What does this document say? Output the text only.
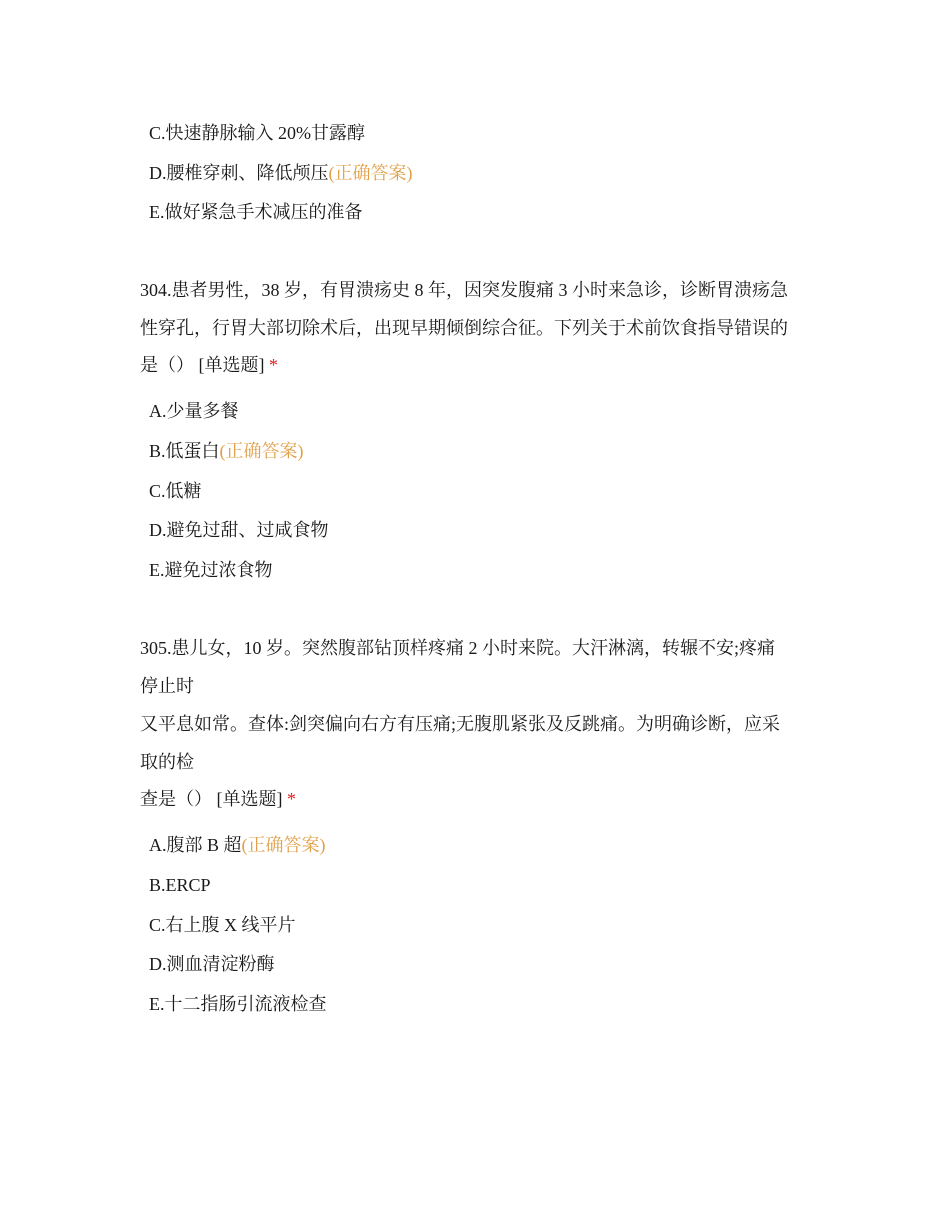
C.快速静脉输入 20%甘露醇
D.腰椎穿刺、降低颅压(正确答案)
E.做好紧急手术减压的准备
304.患者男性，38 岁，有胃溃疡史 8 年，因突发腹痛 3 小时来急诊，诊断胃溃疡急
性穿孔，行胃大部切除术后，出现早期倾倒综合征。下列关于术前饮食指导错误的
是（） [单选题] *
A.少量多餐
B.低蛋白(正确答案)
C.低糖
D.避免过甜、过咸食物
E.避免过浓食物
305.患儿女，10 岁。突然腹部钻顶样疼痛 2 小时来院。大汗淋漓，转辗不安;疼痛
停止时
又平息如常。查体:剑突偏向右方有压痛;无腹肌紧张及反跳痛。为明确诊断，应采
取的检
查是（） [单选题] *
A.腹部 B 超(正确答案)
B.ERCP
C.右上腹 X 线平片
D.测血清淀粉酶
E.十二指肠引流液检查
